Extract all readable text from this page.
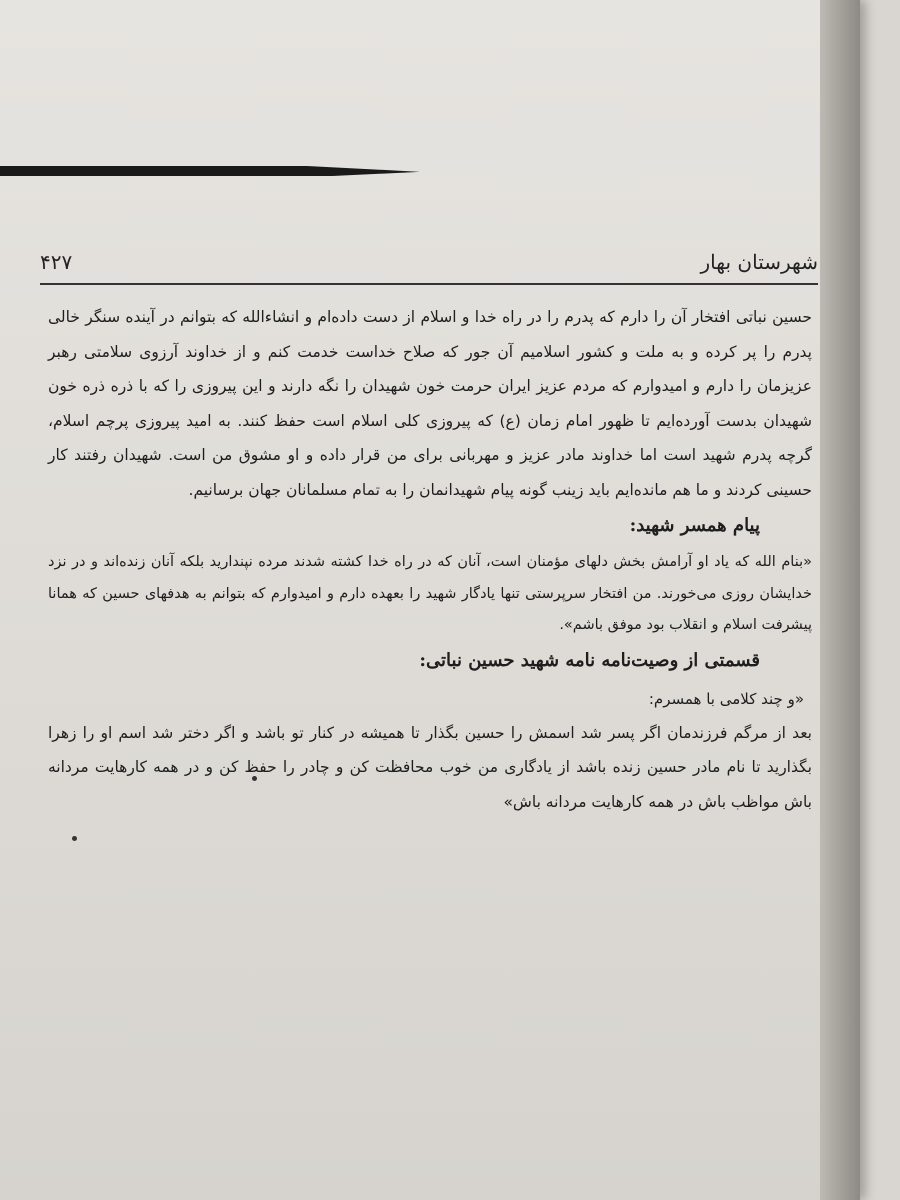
شهرستان بهار
۴۲۷

حسین نباتی افتخار آن را دارم که پدرم را در راه خدا و اسلام از دست داده‌ام و انشاءالله که بتوانم در آینده سنگر خالی پدرم را پر کرده و به ملت و کشور اسلامیم آن جور که صلاح خداست خدمت کنم و از خداوند آرزوی سلامتی رهبر عزیزمان را دارم و امیدوارم که مردم عزیز ایران حرمت خون شهیدان را نگه دارند و این پیروزی را که با ذره ذره خون شهیدان بدست آورده‌ایم تا ظهور امام زمان (ع) که پیروزی کلی اسلام است حفظ کنند. به امید پیروزی پرچم اسلام، گرچه پدرم شهید است اما خداوند مادر عزیز و مهربانی برای من قرار داده و او مشوق من است. شهیدان رفتند کار حسینی کردند و ما هم مانده‌ایم باید زینب گونه پیام شهیدانمان را به تمام مسلمانان جهان برسانیم.

پیام همسر شهید:

«بنام الله که یاد او آرامش بخش دلهای مؤمنان است، آنان که در راه خدا کشته شدند مرده نپندارید بلکه آنان زنده‌اند و در نزد خدایشان روزی می‌خورند. من افتخار سرپرستی تنها یادگار شهید را بعهده دارم و امیدوارم که بتوانم به هدفهای حسین که همانا پیشرفت اسلام و انقلاب بود موفق باشم».

قسمتی از وصیت‌نامه نامه شهید حسین نباتی:

«و چند کلامی با همسرم:

بعد از مرگم فرزندمان اگر پسر شد اسمش را حسین بگذار تا همیشه در کنار تو باشد و اگر دختر شد اسم او را زهرا بگذارید تا نام مادر حسین زنده باشد از یادگاری من خوب محافظت کن و چادر را حفظ کن و در همه کارهایت مردانه باش مواظب باش در همه کارهایت مردانه باش»
